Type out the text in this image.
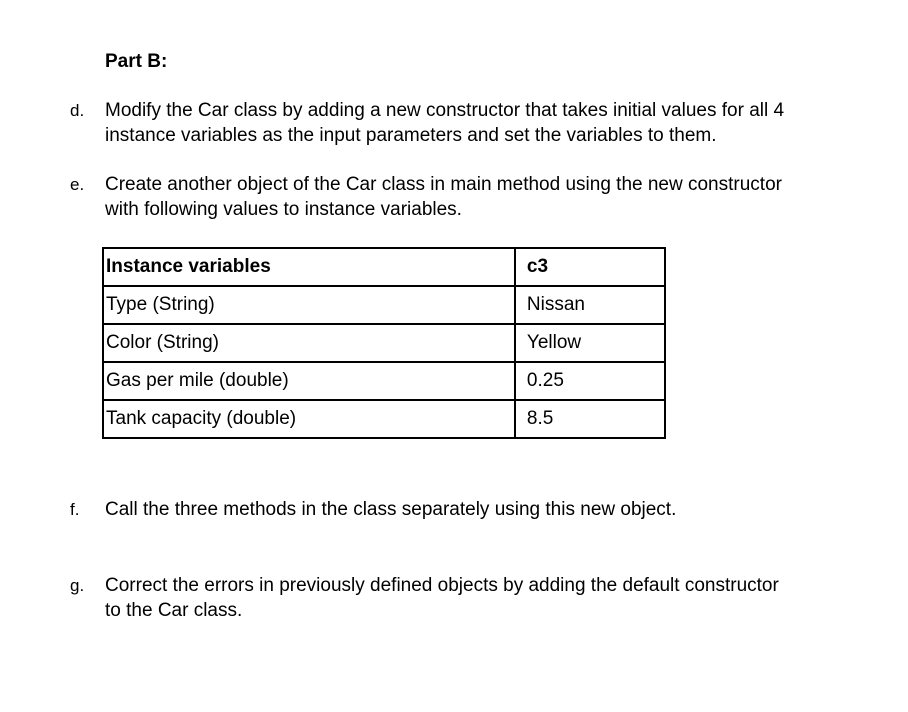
Part B:
d. Modify the Car class by adding a new constructor that takes initial values for all 4
instance variables as the input parameters and set the variables to them.
e. Create another object of the Car class in main method using the new constructor
with following values to instance variables.
Instance variables	c3
Type (String)	Nissan
Color (String)	Yellow
Gas per mile (double)	0.25
Tank capacity (double)	8.5
f. Call the three methods in the class separately using this new object.
g. Correct the errors in previously defined objects by adding the default constructor
to the Car class.
